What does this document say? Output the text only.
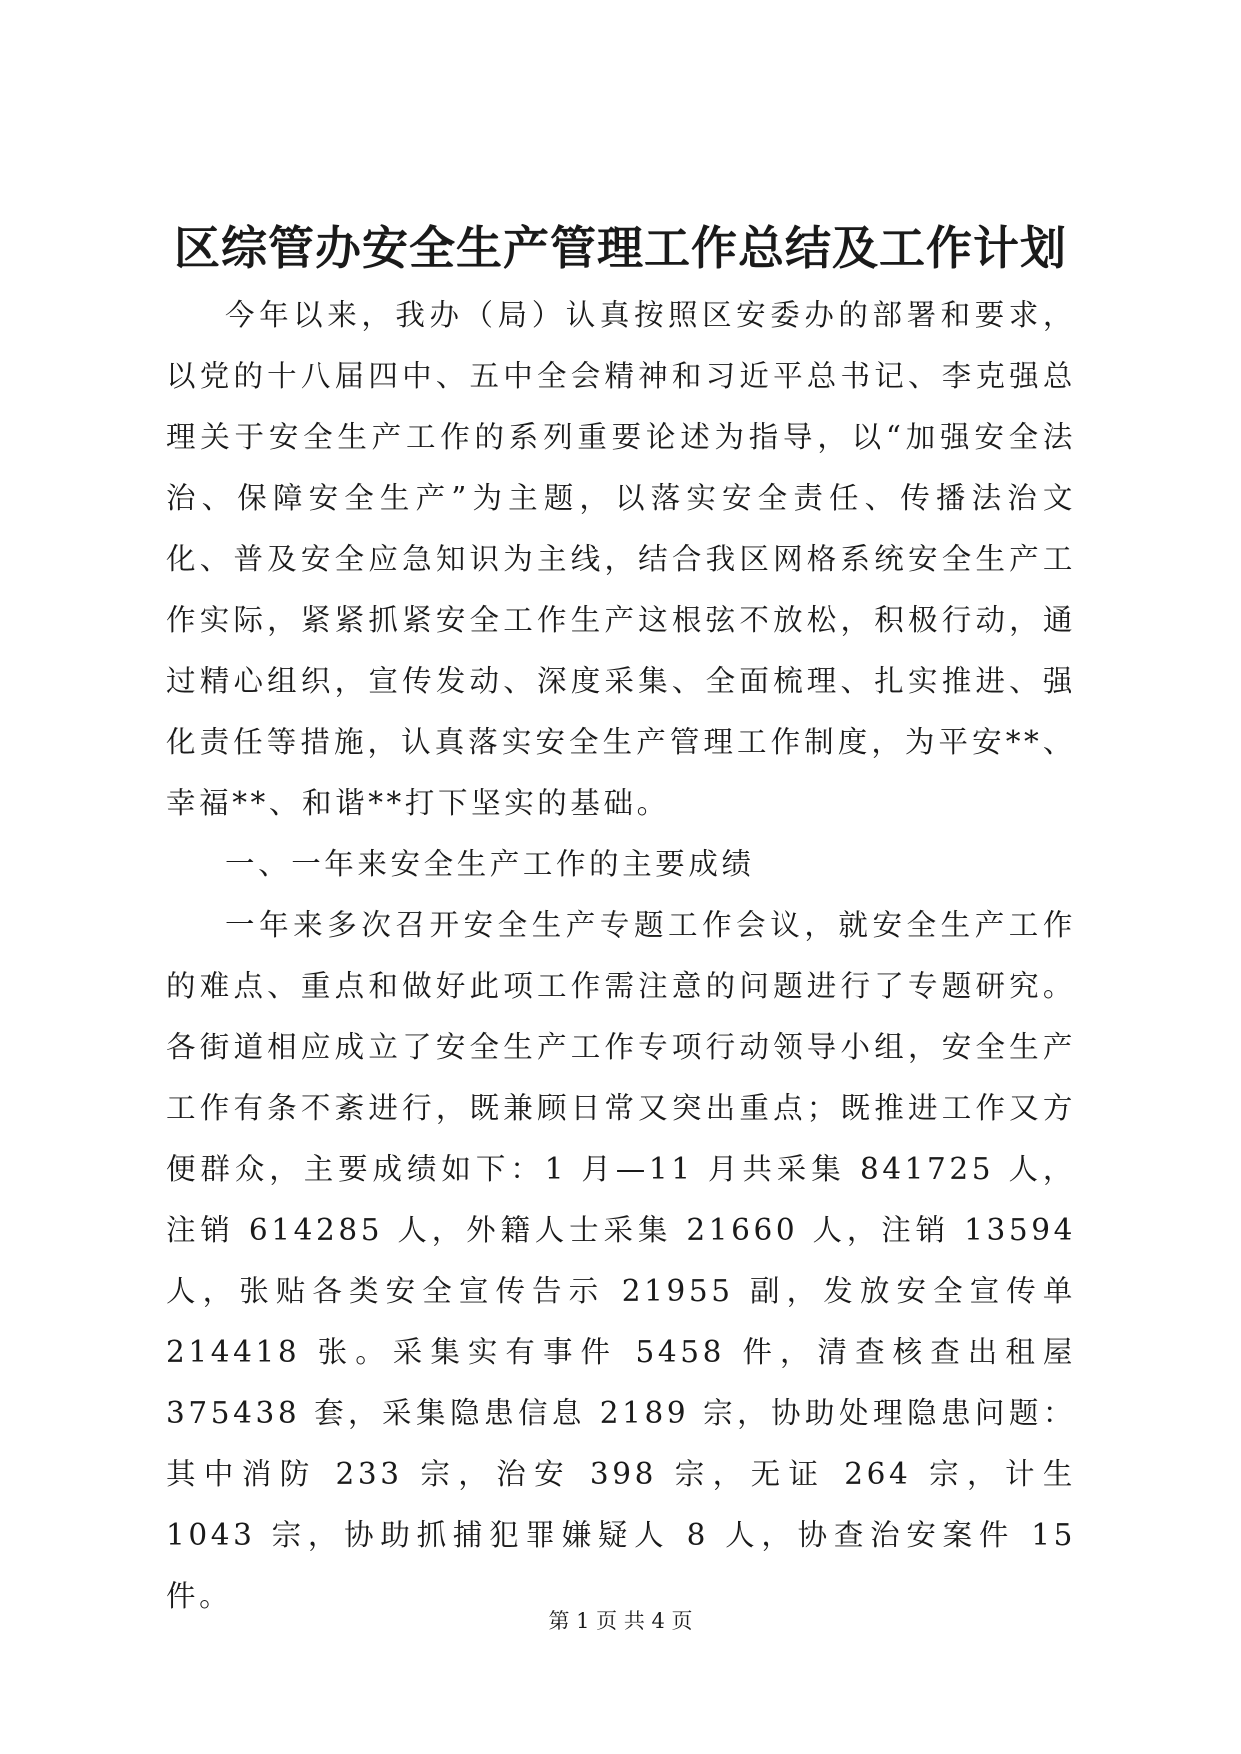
区综管办安全生产管理工作总结及工作计划

今年以来，我办（局）认真按照区安委办的部署和要求，以党的十八届四中、五中全会精神和习近平总书记、李克强总理关于安全生产工作的系列重要论述为指导，以“加强安全法治、保障安全生产”为主题，以落实安全责任、传播法治文化、普及安全应急知识为主线，结合我区网格系统安全生产工作实际，紧紧抓紧安全工作生产这根弦不放松，积极行动，通过精心组织，宣传发动、深度采集、全面梳理、扎实推进、强化责任等措施，认真落实安全生产管理工作制度，为平安**、幸福**、和谐**打下坚实的基础。

一、一年来安全生产工作的主要成绩

一年来多次召开安全生产专题工作会议，就安全生产工作的难点、重点和做好此项工作需注意的问题进行了专题研究。各街道相应成立了安全生产工作专项行动领导小组，安全生产工作有条不紊进行，既兼顾日常又突出重点；既推进工作又方便群众，主要成绩如下：1 月—11 月共采集 841725 人，注销 614285 人，外籍人士采集 21660 人，注销 13594 人，张贴各类安全宣传告示 21955 副，发放安全宣传单 214418 张。采集实有事件 5458 件，清查核查出租屋 375438 套，采集隐患信息 2189 宗，协助处理隐患问题：其中消防 233 宗，治安 398 宗，无证 264 宗，计生 1043 宗，协助抓捕犯罪嫌疑人 8 人，协查治安案件 15 件。

第 1 页 共 4 页
